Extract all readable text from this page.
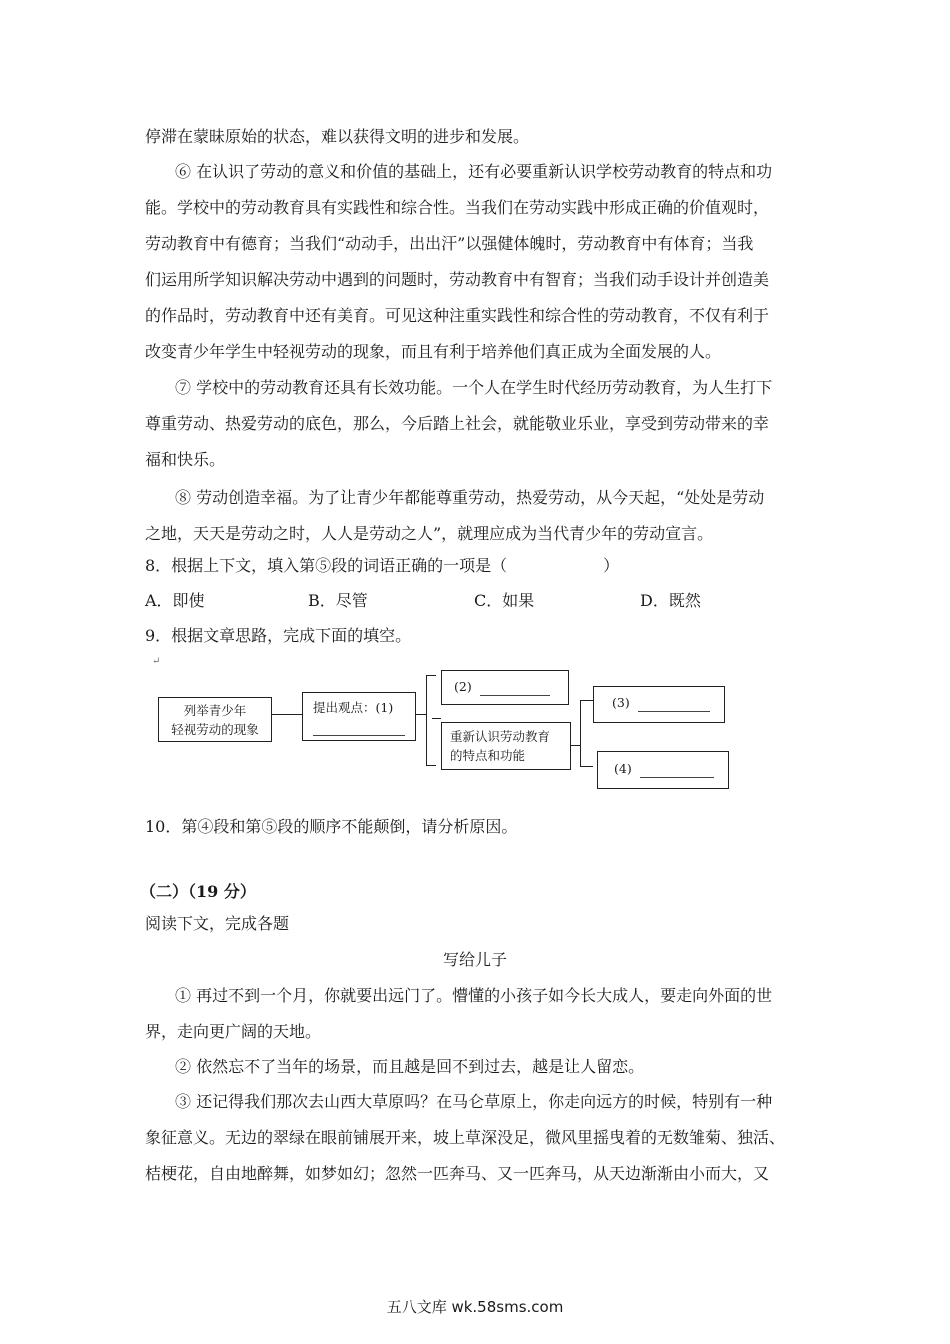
停滞在蒙昧原始的状态，难以获得文明的进步和发展。
⑥ 在认识了劳动的意义和价值的基础上，还有必要重新认识学校劳动教育的特点和功
能。学校中的劳动教育具有实践性和综合性。当我们在劳动实践中形成正确的价值观时，
劳动教育中有德育；当我们“动动手，出出汗”以强健体魄时，劳动教育中有体育；当我
们运用所学知识解决劳动中遇到的问题时，劳动教育中有智育；当我们动手设计并创造美
的作品时，劳动教育中还有美育。可见这种注重实践性和综合性的劳动教育，不仅有利于
改变青少年学生中轻视劳动的现象，而且有利于培养他们真正成为全面发展的人。
⑦ 学校中的劳动教育还具有长效功能。一个人在学生时代经历劳动教育，为人生打下
尊重劳动、热爱劳动的底色，那么，今后踏上社会，就能敬业乐业，享受到劳动带来的幸
福和快乐。
⑧ 劳动创造幸福。为了让青少年都能尊重劳动，热爱劳动，从今天起，“处处是劳动
之地，天天是劳动之时，人人是劳动之人”，就理应成为当代青少年的劳动宣言。
8．根据上下文，填入第⑤段的词语正确的一项是（　　　　　　）
A．即使	B．尽管	C．如果	D．既然
9．根据文章思路，完成下面的填空。
↵
列举青少年
轻视劳动的现象
提出观点：(1)
(2)
重新认识劳动教育
的特点和功能
(3)
(4)
10．第④段和第⑤段的顺序不能颠倒，请分析原因。
（二）（19 分）
阅读下文，完成各题
写给儿子
① 再过不到一个月，你就要出远门了。懵懂的小孩子如今长大成人，要走向外面的世
界，走向更广阔的天地。
② 依然忘不了当年的场景，而且越是回不到过去，越是让人留恋。
③ 还记得我们那次去山西大草原吗？在马仑草原上，你走向远方的时候，特别有一种
象征意义。无边的翠绿在眼前铺展开来，坡上草深没足，微风里摇曳着的无数雏菊、独活、
桔梗花，自由地醉舞，如梦如幻；忽然一匹奔马、又一匹奔马，从天边渐渐由小而大，又
五八文库 wk.58sms.com
